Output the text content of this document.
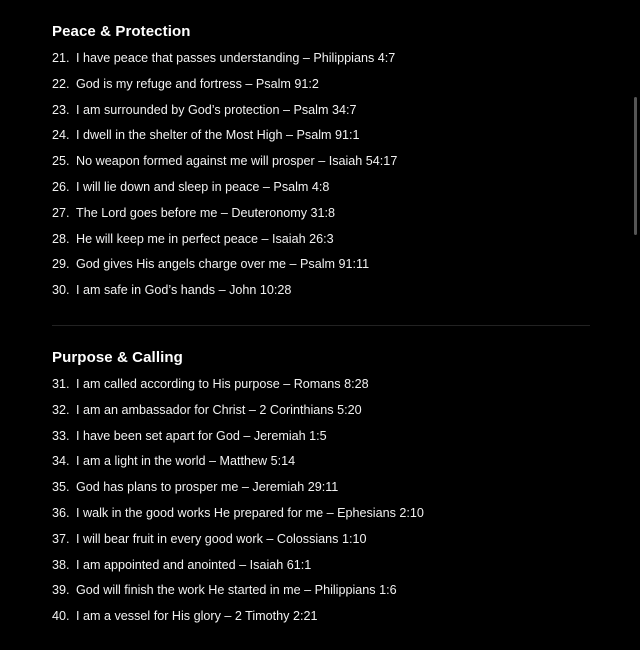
Peace & Protection
21. I have peace that passes understanding – Philippians 4:7
22. God is my refuge and fortress – Psalm 91:2
23. I am surrounded by God’s protection – Psalm 34:7
24. I dwell in the shelter of the Most High – Psalm 91:1
25. No weapon formed against me will prosper – Isaiah 54:17
26. I will lie down and sleep in peace – Psalm 4:8
27. The Lord goes before me – Deuteronomy 31:8
28. He will keep me in perfect peace – Isaiah 26:3
29. God gives His angels charge over me – Psalm 91:11
30. I am safe in God’s hands – John 10:28
Purpose & Calling
31. I am called according to His purpose – Romans 8:28
32. I am an ambassador for Christ – 2 Corinthians 5:20
33. I have been set apart for God – Jeremiah 1:5
34. I am a light in the world – Matthew 5:14
35. God has plans to prosper me – Jeremiah 29:11
36. I walk in the good works He prepared for me – Ephesians 2:10
37. I will bear fruit in every good work – Colossians 1:10
38. I am appointed and anointed – Isaiah 61:1
39. God will finish the work He started in me – Philippians 1:6
40. I am a vessel for His glory – 2 Timothy 2:21
